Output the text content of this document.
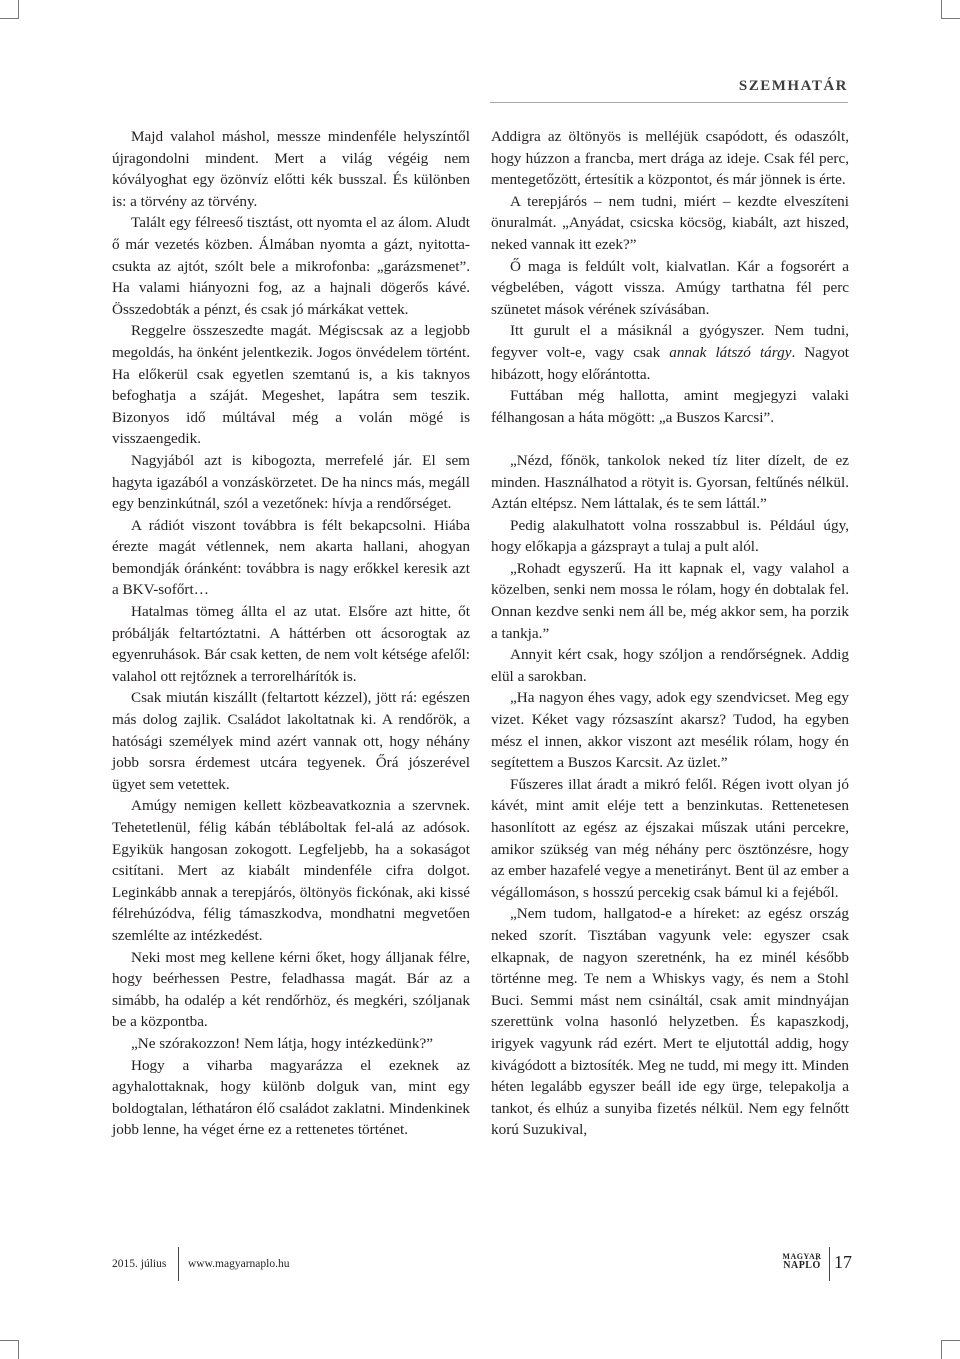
SZEMHATÁR

Majd valahol máshol, messze mindenféle helyszíntől újragondolni mindent. Mert a világ végéig nem kóvályoghat egy özönvíz előtti kék busszal. És különben is: a törvény az törvény.

Talált egy félreeső tisztást, ott nyomta el az álom. Aludt ő már vezetés közben. Álmában nyomta a gázt, nyitotta-csukta az ajtót, szólt bele a mikrofonba: „garázsmenet”. Ha valami hiányozni fog, az a hajnali dögerős kávé. Összedobták a pénzt, és csak jó márkákat vettek.

Reggelre összeszedte magát. Mégiscsak az a legjobb megoldás, ha önként jelentkezik. Jogos önvédelem történt. Ha előkerül csak egyetlen szemtanú is, a kis taknyos befoghatja a száját. Megeshet, lapátra sem teszik. Bizonyos idő múltával még a volán mögé is visszaengedik.

Nagyjából azt is kibogozta, merrefelé jár. El sem hagyta igazából a vonzáskörzetet. De ha nincs más, megáll egy benzinkútnál, szól a vezetőnek: hívja a rendőrséget.

A rádiót viszont továbbra is félt bekapcsolni. Hiába érezte magát vétlennek, nem akarta hallani, ahogyan bemondják óránként: továbbra is nagy erőkkel keresik azt a BKV-sofőrt…

Hatalmas tömeg állta el az utat. Elsőre azt hitte, őt próbálják feltartóztatni. A háttérben ott ácsorogtak az egyenruhások. Bár csak ketten, de nem volt kétsége afelől: valahol ott rejtőznek a terrorelhárítók is.

Csak miután kiszállt (feltartott kézzel), jött rá: egészen más dolog zajlik. Családot lakoltatnak ki. A rendőrök, a hatósági személyek mind azért vannak ott, hogy néhány jobb sorsra érdemest utcára tegyenek. Őrá jószerével ügyet sem vetettek.

Amúgy nemigen kellett közbeavatkoznia a szervnek. Tehetetlenül, félig kábán tébláboltak fel-alá az adósok. Egyikük hangosan zokogott. Legfeljebb, ha a sokaságot csitítani. Mert az kiabált mindenféle cifra dolgot. Leginkább annak a terepjárós, öltönyös fickónak, aki kissé félrehúzódva, félig támaszkodva, mondhatni megvetően szemlélte az intézkedést.

Neki most meg kellene kérni őket, hogy álljanak félre, hogy beérhessen Pestre, feladhassa magát. Bár az a simább, ha odalép a két rendőrhöz, és megkéri, szóljanak be a központba.

„Ne szórakozzon! Nem látja, hogy intézkedünk?”

Hogy a viharba magyarázza el ezeknek az agyhalottaknak, hogy különb dolguk van, mint egy boldogtalan, léthatáron élő családot zaklatni. Mindenkinek jobb lenne, ha véget érne ez a rettenetes történet.

Addigra az öltönyös is melléjük csapódott, és odaszólt, hogy húzzon a francba, mert drága az ideje. Csak fél perc, mentegetőzött, értesítik a központot, és már jönnek is érte.

A terepjárós – nem tudni, miért – kezdte elveszíteni önuralmát. „Anyádat, csicska köcsög, kiabált, azt hiszed, neked vannak itt ezek?”

Ő maga is feldúlt volt, kialvatlan. Kár a fogsorért a végbelében, vágott vissza. Amúgy tarthatna fél perc szünetet mások vérének szívásában.

Itt gurult el a másiknál a gyógyszer. Nem tudni, fegyver volt-e, vagy csak annak látszó tárgy. Nagyot hibázott, hogy előrántotta.

Futtában még hallotta, amint megjegyzi valaki félhangosan a háta mögött: „a Buszos Karcsi”.

„Nézd, főnök, tankolok neked tíz liter dízelt, de ez minden. Használhatod a rötyit is. Gyorsan, feltűnés nélkül. Aztán eltépsz. Nem láttalak, és te sem láttál.”

Pedig alakulhatott volna rosszabbul is. Például úgy, hogy előkapja a gázsprayt a tulaj a pult alól.

„Rohadt egyszerű. Ha itt kapnak el, vagy valahol a közelben, senki nem mossa le rólam, hogy én dobtalak fel. Onnan kezdve senki nem áll be, még akkor sem, ha porzik a tankja.”

Annyit kért csak, hogy szóljon a rendőrségnek. Addig elül a sarokban.

„Ha nagyon éhes vagy, adok egy szendvicset. Meg egy vizet. Kéket vagy rózsaszínt akarsz? Tudod, ha egyben mész el innen, akkor viszont azt mesélik rólam, hogy én segítettem a Buszos Karcsit. Az üzlet.”

Fűszeres illat áradt a mikró felől. Régen ivott olyan jó kávét, mint amit eléje tett a benzinkutas. Rettenetesen hasonlított az egész az éjszakai műszak utáni percekre, amikor szükség van még néhány perc ösztönzésre, hogy az ember hazafelé vegye a menetirányt. Bent ül az ember a végállomáson, s hosszú percekig csak bámul ki a fejéből.

„Nem tudom, hallgatod-e a híreket: az egész ország neked szorít. Tisztában vagyunk vele: egyszer csak elkapnak, de nagyon szeretnénk, ha ez minél később történne meg. Te nem a Whiskys vagy, és nem a Stohl Buci. Semmi mást nem csináltál, csak amit mindnyájan szerettünk volna hasonló helyzetben. És kapaszkodj, irigyek vagyunk rád ezért. Mert te eljutottál addig, hogy kivágódott a biztosíték. Meg ne tudd, mi megy itt. Minden héten legalább egyszer beáll ide egy ürge, telepakolja a tankot, és elhúz a sunyiba fizetés nélkül. Nem egy felnőtt korú Suzukival,

2015. július www.magyarnaplo.hu
MAGYAR
NAPLÓ 17
